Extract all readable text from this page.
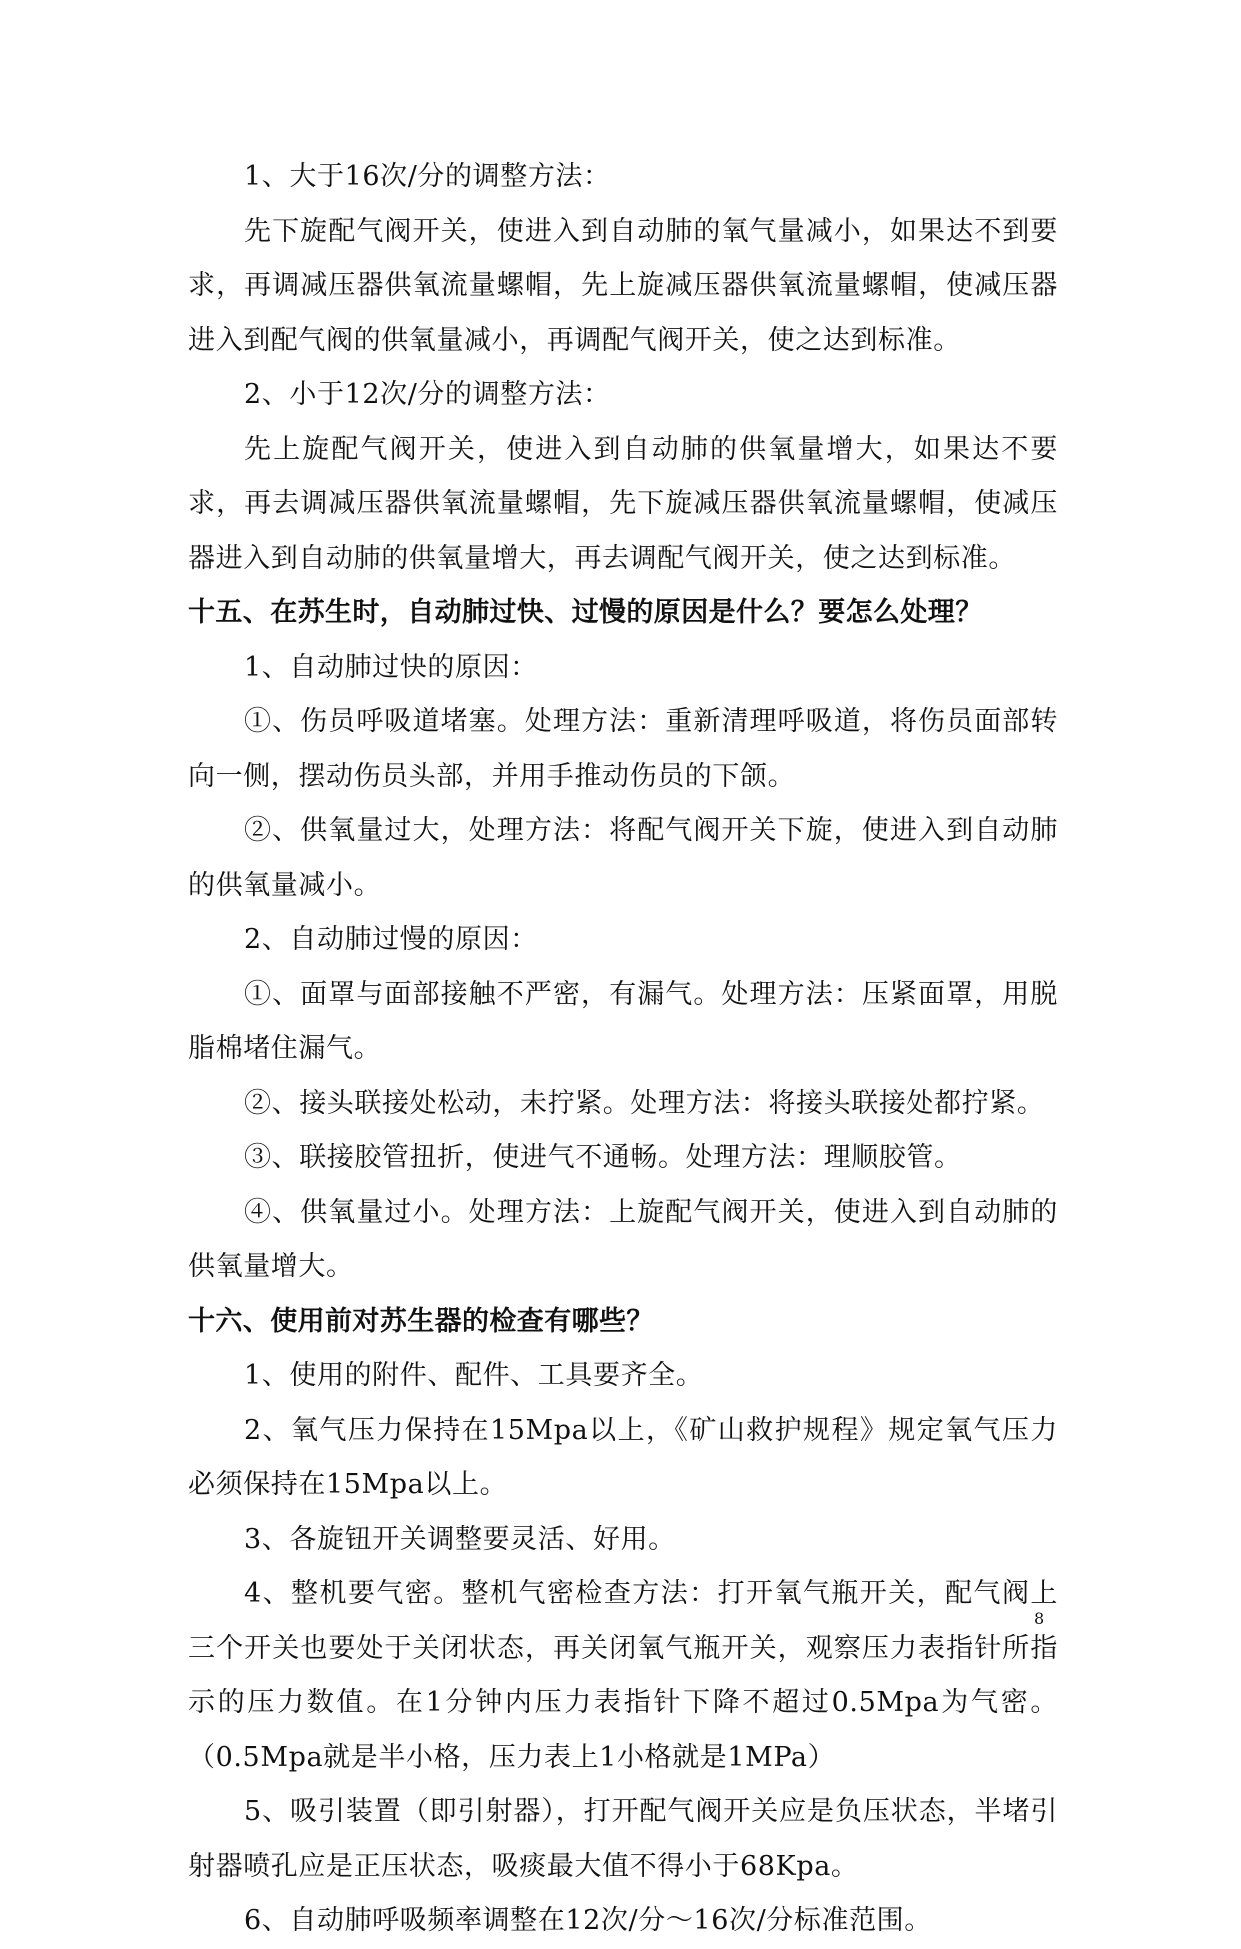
1、大于16次/分的调整方法：

先下旋配气阀开关，使进入到自动肺的氧气量减小，如果达不到要求，再调减压器供氧流量螺帽，先上旋减压器供氧流量螺帽，使减压器进入到配气阀的供氧量减小，再调配气阀开关，使之达到标准。

2、小于12次/分的调整方法：

先上旋配气阀开关，使进入到自动肺的供氧量增大，如果达不要求，再去调减压器供氧流量螺帽，先下旋减压器供氧流量螺帽，使减压器进入到自动肺的供氧量增大，再去调配气阀开关，使之达到标准。

十五、在苏生时，自动肺过快、过慢的原因是什么？要怎么处理？

1、自动肺过快的原因：

①、伤员呼吸道堵塞。处理方法：重新清理呼吸道，将伤员面部转向一侧，摆动伤员头部，并用手推动伤员的下颌。

②、供氧量过大，处理方法：将配气阀开关下旋，使进入到自动肺的供氧量减小。

2、自动肺过慢的原因：

①、面罩与面部接触不严密，有漏气。处理方法：压紧面罩，用脱脂棉堵住漏气。

②、接头联接处松动，未拧紧。处理方法：将接头联接处都拧紧。

③、联接胶管扭折，使进气不通畅。处理方法：理顺胶管。

④、供氧量过小。处理方法：上旋配气阀开关，使进入到自动肺的供氧量增大。

十六、使用前对苏生器的检查有哪些？

1、使用的附件、配件、工具要齐全。

2、氧气压力保持在15Mpa以上，《矿山救护规程》规定氧气压力必须保持在15Mpa以上。

3、各旋钮开关调整要灵活、好用。

4、整机要气密。整机气密检查方法：打开氧气瓶开关，配气阀上三个开关也要处于关闭状态，再关闭氧气瓶开关，观察压力表指针所指示的压力数值。在1分钟内压力表指针下降不超过0.5Mpa为气密。（0.5Mpa就是半小格，压力表上1小格就是1MPa）

5、吸引装置（即引射器），打开配气阀开关应是负压状态，半堵引射器喷孔应是正压状态，吸痰最大值不得小于68Kpa。

6、自动肺呼吸频率调整在12次/分～16次/分标准范围。

8
